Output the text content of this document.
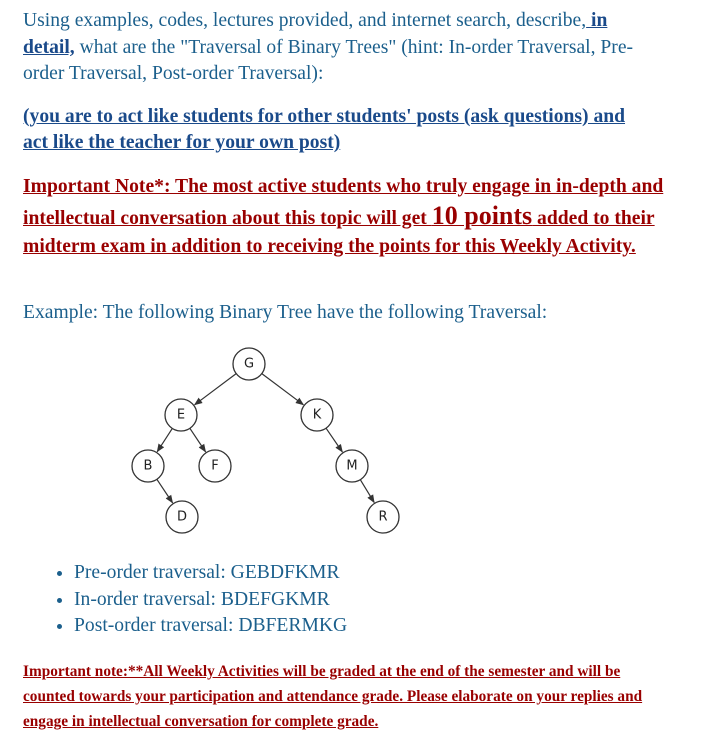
Using examples, codes, lectures provided, and internet search, describe, in detail, what are the "Traversal of Binary Trees" (hint: In-order Traversal, Pre-order Traversal, Post-order Traversal):

(you are to act like students for other students' posts (ask questions) and act like the teacher for your own post)

Important Note*: The most active students who truly engage in in-depth and intellectual conversation about this topic will get 10 points added to their midterm exam in addition to receiving the points for this Weekly Activity.

Example: The following Binary Tree have the following Traversal:

G
E	K
B	F	M
D	R
• Pre-order traversal: GEBDFKMR
• In-order traversal: BDEFGKMR
• Post-order traversal: DBFERMKG

Important note:**All Weekly Activities will be graded at the end of the semester and will be counted towards your participation and attendance grade. Please elaborate on your replies and engage in intellectual conversation for complete grade.
